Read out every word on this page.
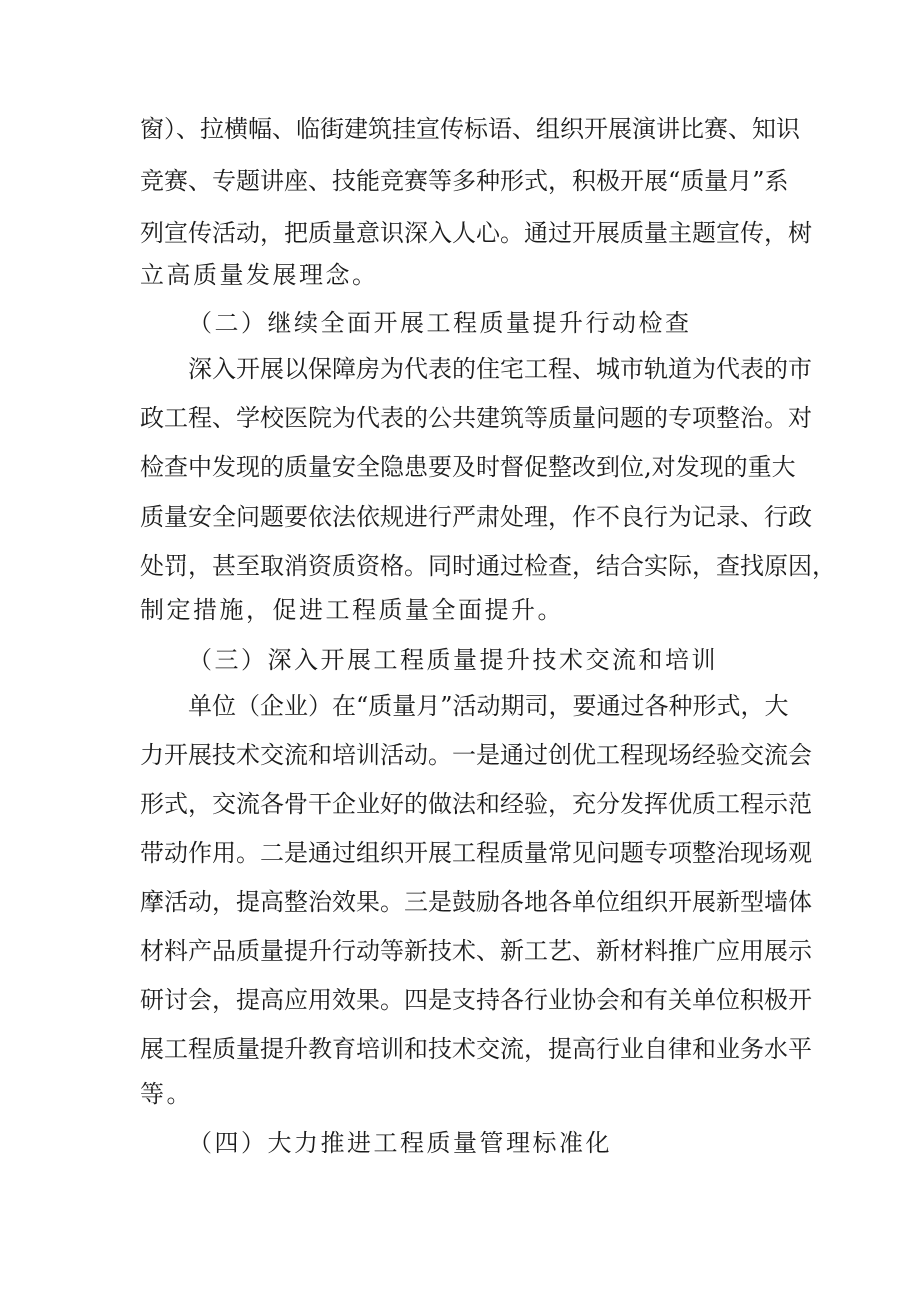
窗）、拉横幅、临街建筑挂宣传标语、组织开展演讲比赛、知识
竞赛、专题讲座、技能竞赛等多种形式，积极开展“质量月”系
列宣传活动，把质量意识深入人心。通过开展质量主题宣传，树
立高质量发展理念。
（二）继续全面开展工程质量提升行动检查
深入开展以保障房为代表的住宅工程、城市轨道为代表的市
政工程、学校医院为代表的公共建筑等质量问题的专项整治。对
检查中发现的质量安全隐患要及时督促整改到位,对发现的重大
质量安全问题要依法依规进行严肃处理，作不良行为记录、行政
处罚，甚至取消资质资格。同时通过检查，结合实际，查找原因，
制定措施，促进工程质量全面提升。
（三）深入开展工程质量提升技术交流和培训
单位（企业）在“质量月”活动期司，要通过各种形式，大
力开展技术交流和培训活动。一是通过创优工程现场经验交流会
形式，交流各骨干企业好的做法和经验，充分发挥优质工程示范
带动作用。二是通过组织开展工程质量常见问题专项整治现场观
摩活动，提高整治效果。三是鼓励各地各单位组织开展新型墙体
材料产品质量提升行动等新技术、新工艺、新材料推广应用展示
研讨会，提高应用效果。四是支持各行业协会和有关单位积极开
展工程质量提升教育培训和技术交流，提高行业自律和业务水平
等。
（四）大力推进工程质量管理标准化
